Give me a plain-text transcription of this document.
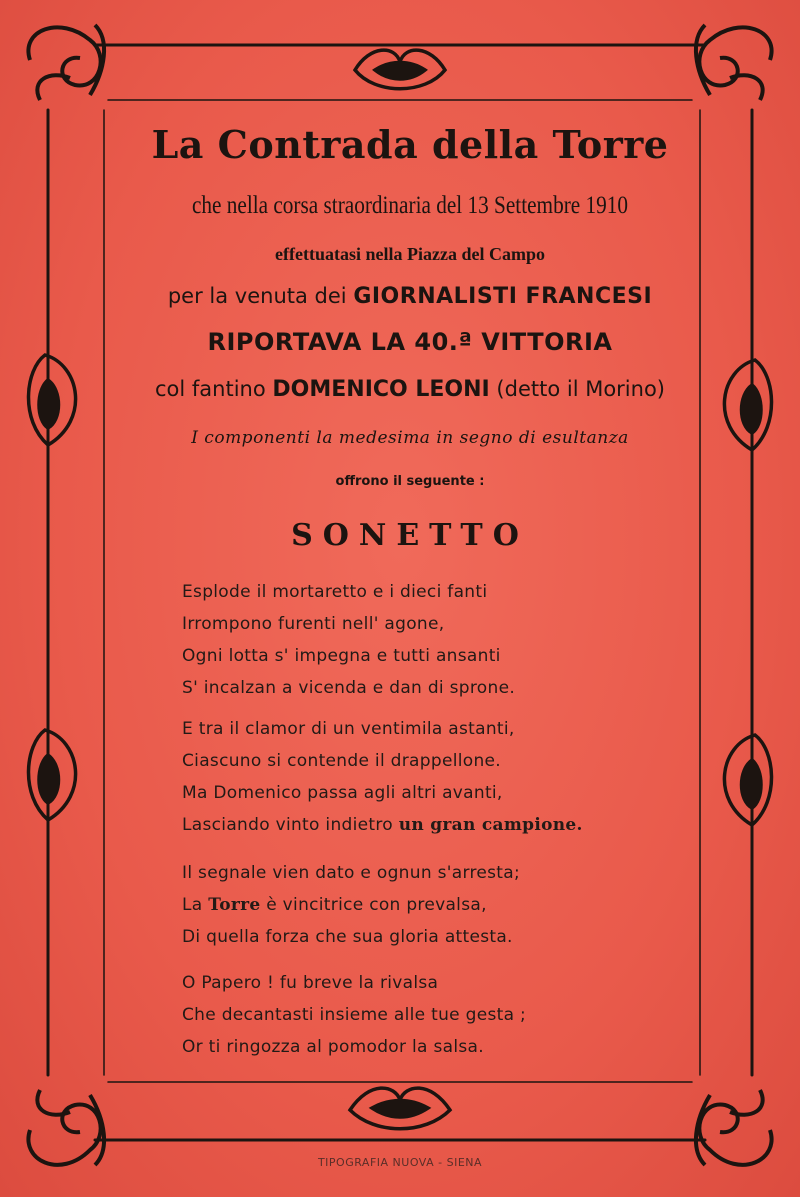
La Contrada della Torre
che nella corsa straordinaria del 13 Settembre 1910
effettuatasi nella Piazza del Campo
per la venuta dei GIORNALISTI FRANCESI
RIPORTAVA LA 40.ª VITTORIA
col fantino DOMENICO LEONI (detto il Morino)
I componenti la medesima in segno di esultanza
offrono il seguente :
SONETTO
Esplode il mortaretto e i dieci fanti
Irrompono furenti nell' agone,
Ogni lotta s' impegna e tutti ansanti
S' incalzan a vicenda e dan di sprone.
E tra il clamor di un ventimila astanti,
Ciascuno si contende il drappellone.
Ma Domenico passa agli altri avanti,
Lasciando vinto indietro un gran campione.
Il segnale vien dato e ognun s'arresta;
La Torre è vincitrice con prevalsa,
Di quella forza che sua gloria attesta.
O Papero ! fu breve la rivalsa
Che decantasti insieme alle tue gesta ;
Or ti ringozza al pomodor la salsa.
TIPOGRAFIA NUOVA - SIENA
